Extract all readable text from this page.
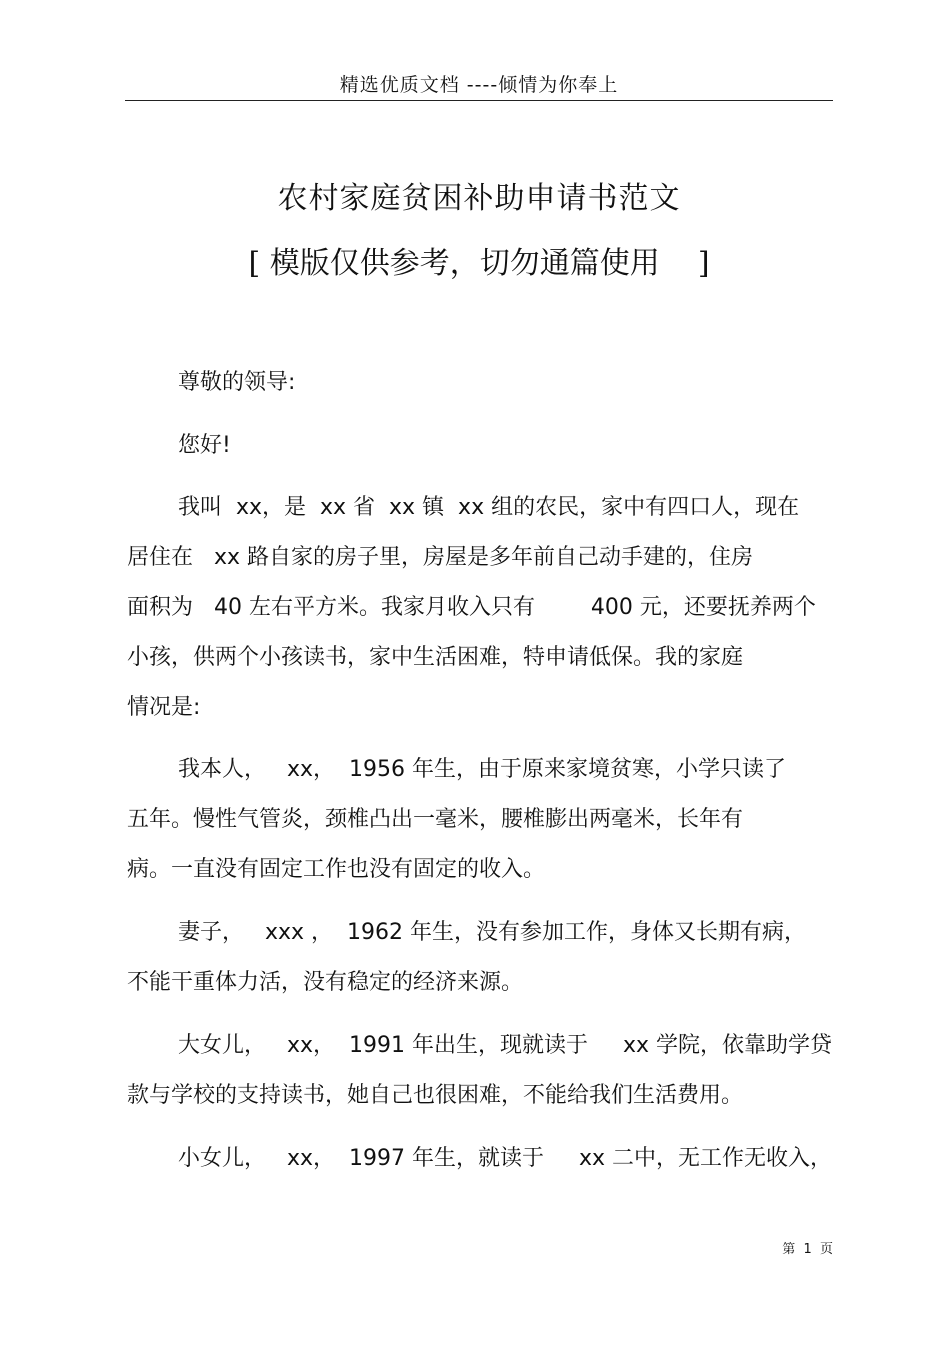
精选优质文档 ----倾情为你奉上
农村家庭贫困补助申请书范文
[ 模版仅供参考，切勿通篇使用    ]
尊敬的领导:
您好!
我叫  xx，是  xx 省  xx 镇  xx 组的农民，家中有四口人，现在
居住在   xx 路自家的房子里，房屋是多年前自己动手建的，住房
面积为   40 左右平方米。我家月收入只有        400 元，还要抚养两个
小孩，供两个小孩读书，家中生活困难，特申请低保。我的家庭
情况是:
我本人，   xx，  1956 年生，由于原来家境贫寒，小学只读了
五年。慢性气管炎，颈椎凸出一毫米，腰椎膨出两毫米，长年有
病。一直没有固定工作也没有固定的收入。
妻子，   xxx ，  1962 年生，没有参加工作，身体又长期有病，
不能干重体力活，没有稳定的经济来源。
大女儿，   xx，  1991 年出生，现就读于     xx 学院，依靠助学贷
款与学校的支持读书，她自己也很困难，不能给我们生活费用。
小女儿，   xx，  1997 年生，就读于     xx 二中，无工作无收入，
第  1  页
